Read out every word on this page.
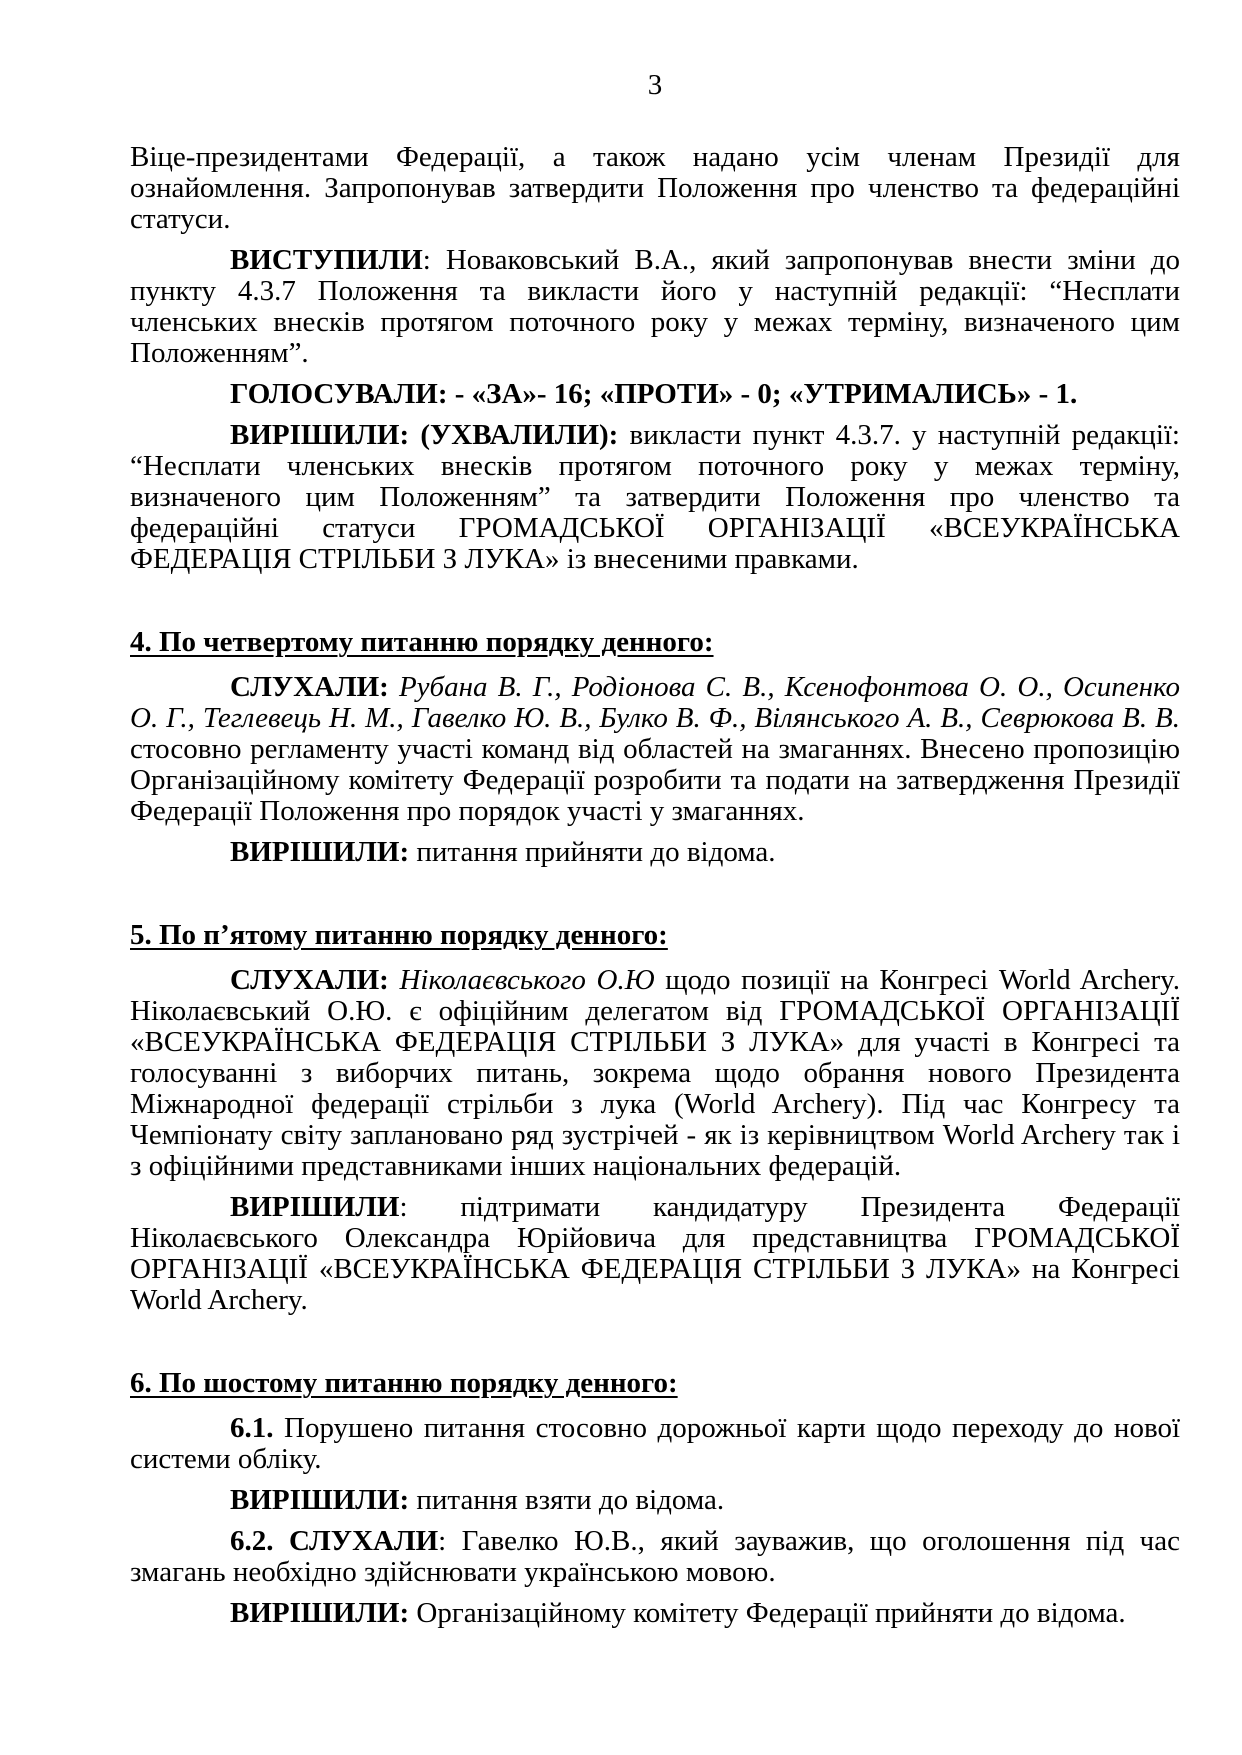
3

Віце-президентами Федерації, а також надано усім членам Президії для ознайомлення. Запропонував затвердити Положення про членство та федераційні статуси.

ВИСТУПИЛИ: Новаковський В.А., який запропонував внести зміни до пункту 4.3.7 Положення та викласти його у наступній редакції: “Несплати членських внесків протягом поточного року у межах терміну, визначеного цим Положенням”.

ГОЛОСУВАЛИ: - «ЗА»- 16; «ПРОТИ» - 0; «УТРИМАЛИСЬ» - 1.

ВИРІШИЛИ: (УХВАЛИЛИ): викласти пункт 4.3.7. у наступній редакції: “Несплати членських внесків протягом поточного року у межах терміну, визначеного цим Положенням” та затвердити Положення про членство та федераційні статуси ГРОМАДСЬКОЇ ОРГАНІЗАЦІЇ «ВСЕУКРАЇНСЬКА ФЕДЕРАЦІЯ СТРІЛЬБИ З ЛУКА» із внесеними правками.

4. По четвертому питанню порядку денного:

СЛУХАЛИ: Рубана В. Г., Родіонова С. В., Ксенофонтова О. О., Осипенко О. Г., Теглевець Н. М., Гавелко Ю. В., Булко В. Ф., Вілянського А. В., Севрюкова В. В. стосовно регламенту участі команд від областей на змаганнях. Внесено пропозицію Організаційному комітету Федерації розробити та подати на затвердження Президії Федерації Положення про порядок участі у змаганнях.

ВИРІШИЛИ: питання прийняти до відома.

5. По п’ятому питанню порядку денного:

СЛУХАЛИ: Ніколаєвського О.Ю щодо позиції на Конгресі World Archery. Ніколаєвський О.Ю. є офіційним делегатом від ГРОМАДСЬКОЇ ОРГАНІЗАЦІЇ «ВСЕУКРАЇНСЬКА ФЕДЕРАЦІЯ СТРІЛЬБИ З ЛУКА» для участі в Конгресі та голосуванні з виборчих питань, зокрема щодо обрання нового Президента Міжнародної федерації стрільби з лука (World Archery). Під час Конгресу та Чемпіонату світу заплановано ряд зустрічей - як із керівництвом World Archery так і з офіційними представниками інших національних федерацій.

ВИРІШИЛИ: підтримати кандидатуру Президента Федерації Ніколаєвського Олександра Юрійовича для представництва ГРОМАДСЬКОЇ ОРГАНІЗАЦІЇ «ВСЕУКРАЇНСЬКА ФЕДЕРАЦІЯ СТРІЛЬБИ З ЛУКА» на Конгресі World Archery.

6. По шостому питанню порядку денного:

6.1. Порушено питання стосовно дорожньої карти щодо переходу до нової системи обліку.

ВИРІШИЛИ: питання взяти до відома.

6.2. СЛУХАЛИ: Гавелко Ю.В., який зауважив, що оголошення під час змагань необхідно здійснювати українською мовою.

ВИРІШИЛИ: Організаційному комітету Федерації прийняти до відома.
